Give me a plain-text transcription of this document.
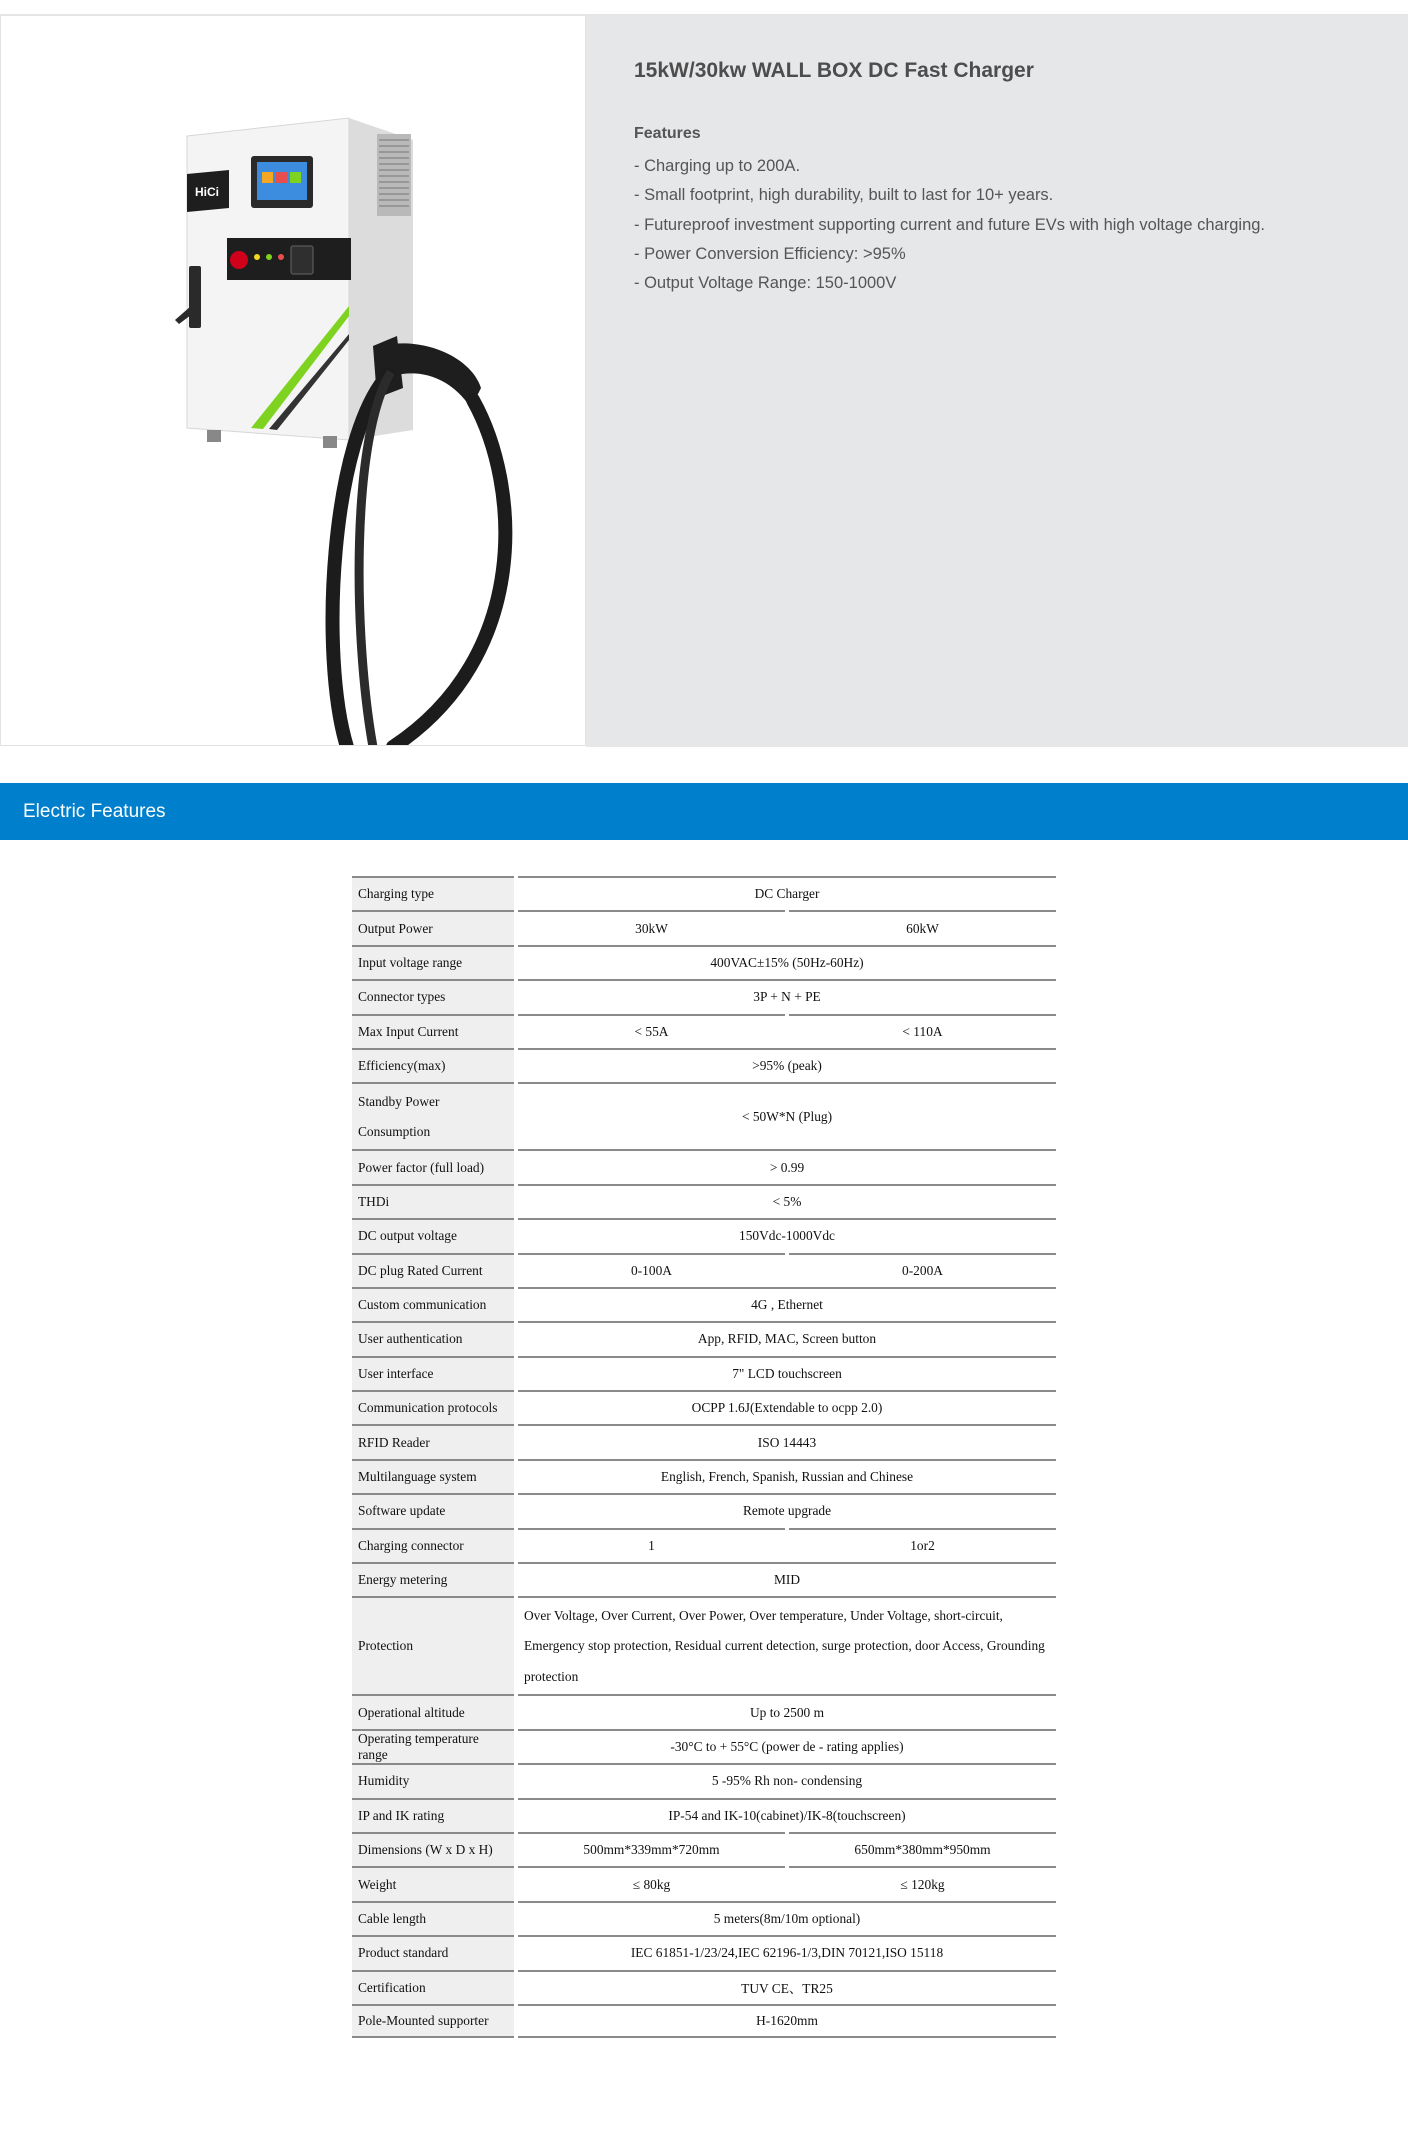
HiCi
15kW/30kw WALL BOX DC Fast Charger
Features
- Charging up to 200A.
- Small footprint, high durability, built to last for 10+ years.
- Futureproof investment supporting current and future EVs with high voltage charging.
- Power Conversion Efficiency: >95%
- Output Voltage Range: 150-1000V
Electric Features
Charging type	DC Charger	
Output Power	30kW	60kW
Input voltage range	400VAC±15% (50Hz-60Hz)	
Connector types	3P + N + PE	
Max Input Current	< 55A	< 110A
Efficiency(max)	>95% (peak)	
Standby Power Consumption	< 50W*N (Plug)	
Power factor (full load)	> 0.99	
THDi	< 5%	
DC output voltage	150Vdc-1000Vdc	
DC plug Rated Current	0-100A	0-200A
Custom communication	4G , Ethernet	
User authentication	App, RFID, MAC, Screen button	
User interface	7" LCD touchscreen	
Communication protocols	OCPP 1.6J(Extendable to ocpp 2.0)	
RFID Reader	ISO 14443	
Multilanguage system	English, French, Spanish, Russian and Chinese	
Software update	Remote upgrade	
Charging connector	1	1or2
Energy metering	MID	
Protection	Over Voltage, Over Current, Over Power, Over temperature, Under Voltage, short-circuit, Emergency stop protection, Residual current detection, surge protection, door Access, Grounding protection	
Operational altitude	Up to 2500 m	
Operating temperature range	-30°C to + 55°C (power de - rating applies)	
Humidity	5 -95% Rh non- condensing	
IP and IK rating	IP-54 and IK-10(cabinet)/IK-8(touchscreen)	
Dimensions (W x D x H)	500mm*339mm*720mm	650mm*380mm*950mm
Weight	≤ 80kg	≤ 120kg
Cable length	5 meters(8m/10m optional)	
Product standard	IEC 61851-1/23/24,IEC 62196-1/3,DIN 70121,ISO 15118	
Certification	TUV CE、TR25	
Pole-Mounted supporter	H-1620mm	
